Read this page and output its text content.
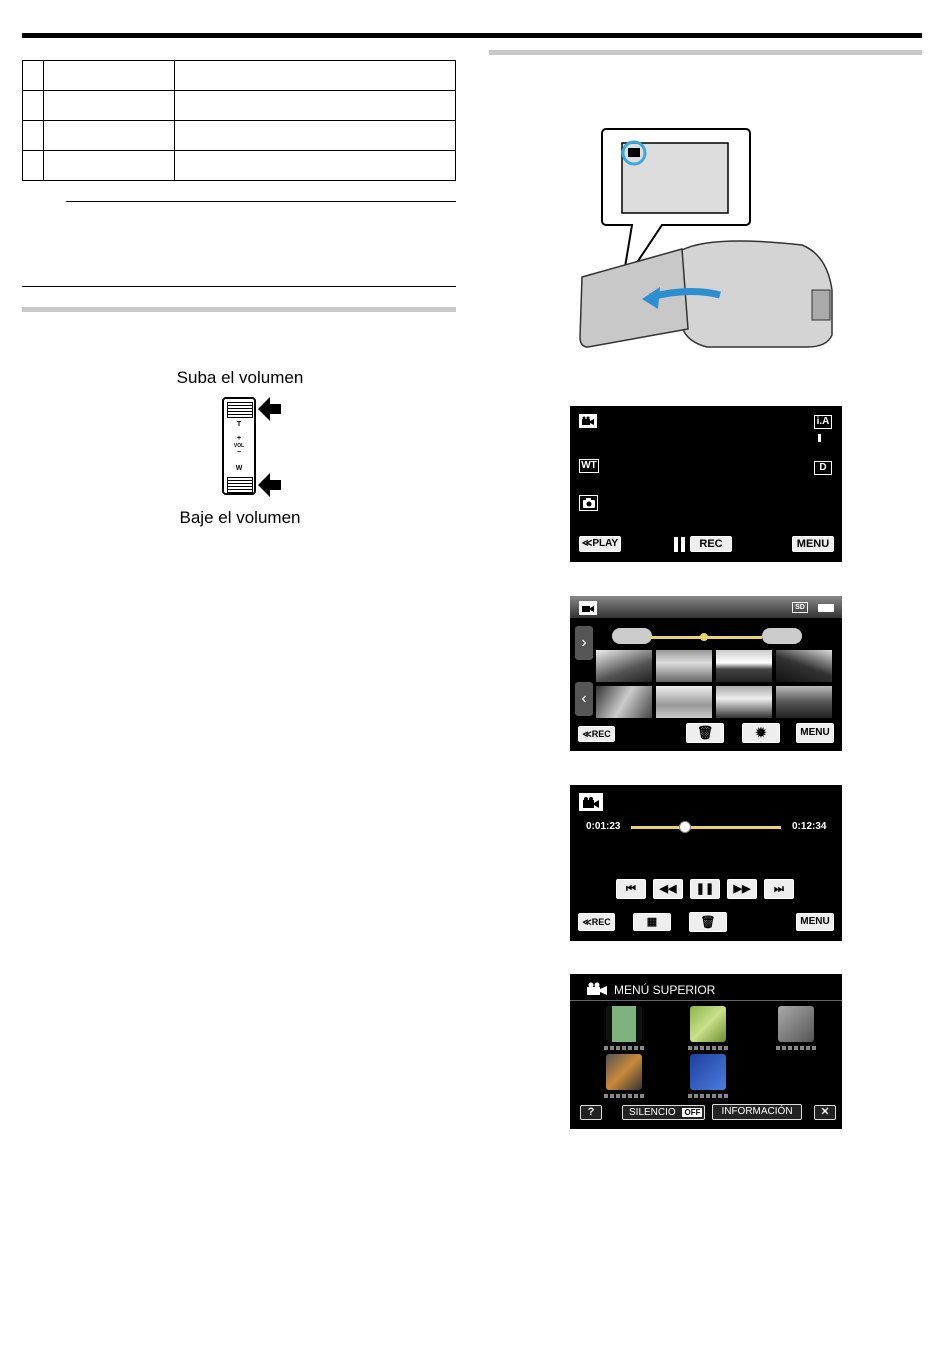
Suba el volumen
T
+
VOL
−
W
Baje el volumen
i.A
WT	D
≪PLAY	REC	MENU
SD
›
‹
≪REC	🗑	✹	MENU
0:01:23	0:12:34
⏮	◀◀	❚❚	▶▶	⏭
≪REC	▦	🗑	MENU
MENÚ SUPERIOR
?	SILENCIO OFF	INFORMACIÓN	✕
